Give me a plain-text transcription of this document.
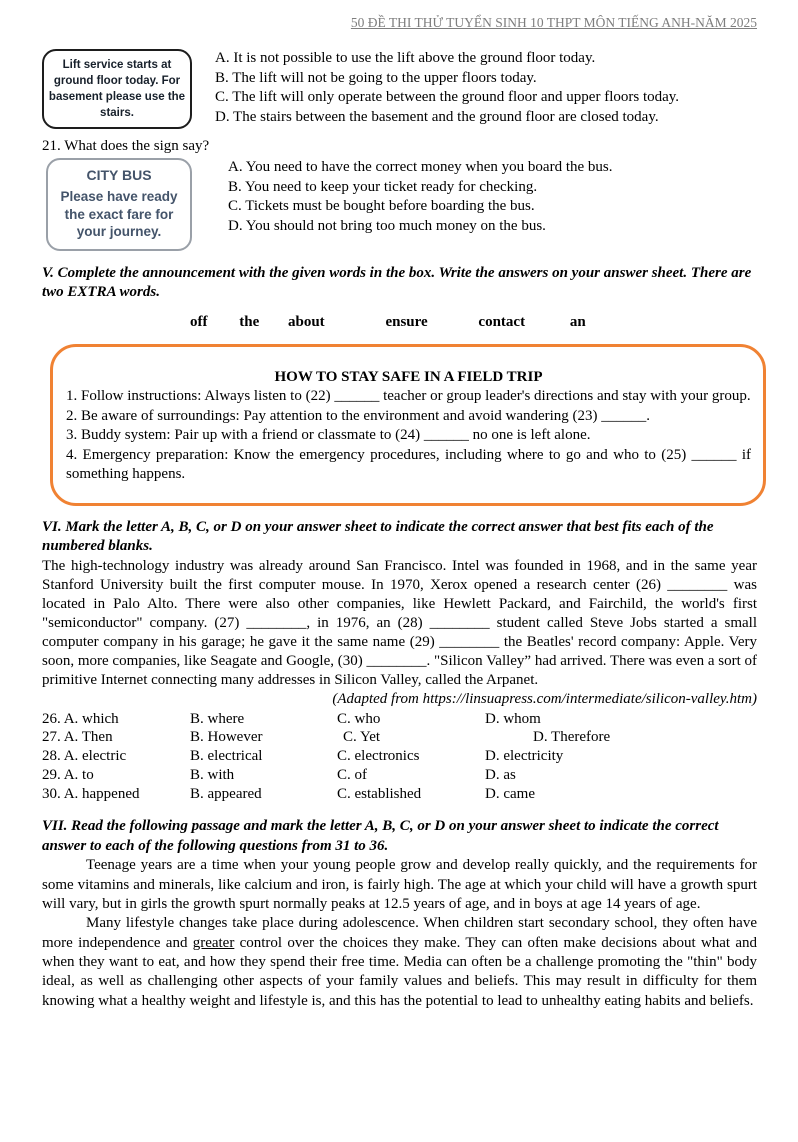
50 ĐỀ THI THỬ TUYỂN SINH 10 THPT MÔN TIẾNG ANH-NĂM 2025
Lift service starts at ground floor today. For basement please use the stairs.
A. It is not possible to use the lift above the ground floor today.
B. The lift will not be going to the upper floors today.
C. The lift will only operate between the ground floor and upper floors today.
D. The stairs between the basement and the ground floor are closed today.
21. What does the sign say?
CITY BUS
Please have ready the exact fare for your journey.
A. You need to have the correct money when you board the bus.
B. You need to keep your ticket ready for checking.
C. Tickets must be bought before boarding the bus.
D. You should not bring too much money on the bus.
V. Complete the announcement with the given words in the box. Write the answers on your answer sheet. There are two EXTRA words.
off the about	ensure	contact	an
HOW TO STAY SAFE IN A FIELD TRIP

1. Follow instructions: Always listen to (22) ______ teacher or group leader's directions and stay with your group.

2. Be aware of surroundings: Pay attention to the environment and avoid wandering (23) ______.

3. Buddy system: Pair up with a friend or classmate to (24) ______ no one is left alone.

4. Emergency preparation: Know the emergency procedures, including where to go and who to (25) ______ if something happens.

VI. Mark the letter A, B, C, or D on your answer sheet to indicate the correct answer that best fits each of the numbered blanks.

The high-technology industry was already around San Francisco. Intel was founded in 1968, and in the same year Stanford University built the first computer mouse. In 1970, Xerox opened a research center (26) ________ was located in Palo Alto. There were also other companies, like Hewlett Packard, and Fairchild, the world's first "semiconductor" company. (27) ________, in 1976, an (28) ________ student called Steve Jobs started a small computer company in his garage; he gave it the same name (29) ________ the Beatles' record company: Apple. Very soon, more companies, like Seagate and Google, (30) ________. "Silicon Valley” had arrived. There was even a sort of primitive Internet connecting many addresses in Silicon Valley, called the Arpanet.

(Adapted from https://linsuapress.com/intermediate/silicon-valley.htm)
26. A. which	B. where	C. who	D. whom
27. A. Then	B. However	C. Yet	D. Therefore
28. A. electric	B. electrical	C. electronics	D. electricity
29. A. to	B. with	C. of	D. as
30. A. happened	B. appeared	C. established	D. came
VII. Read the following passage and mark the letter A, B, C, or D on your answer sheet to indicate the correct answer to each of the following questions from 31 to 36.

Teenage years are a time when your young people grow and develop really quickly, and the requirements for some vitamins and minerals, like calcium and iron, is fairly high. The age at which your child will have a growth spurt will vary, but in girls the growth spurt normally peaks at 12.5 years of age, and in boys at age 14 years of age.

Many lifestyle changes take place during adolescence. When children start secondary school, they often have more independence and greater control over the choices they make. They can often make decisions about what and when they want to eat, and how they spend their free time. Media can often be a challenge promoting the "thin" body ideal, as well as challenging other aspects of your family values and beliefs. This may result in difficulty for them knowing what a healthy weight and lifestyle is, and this has the potential to lead to unhealthy eating habits and beliefs.
